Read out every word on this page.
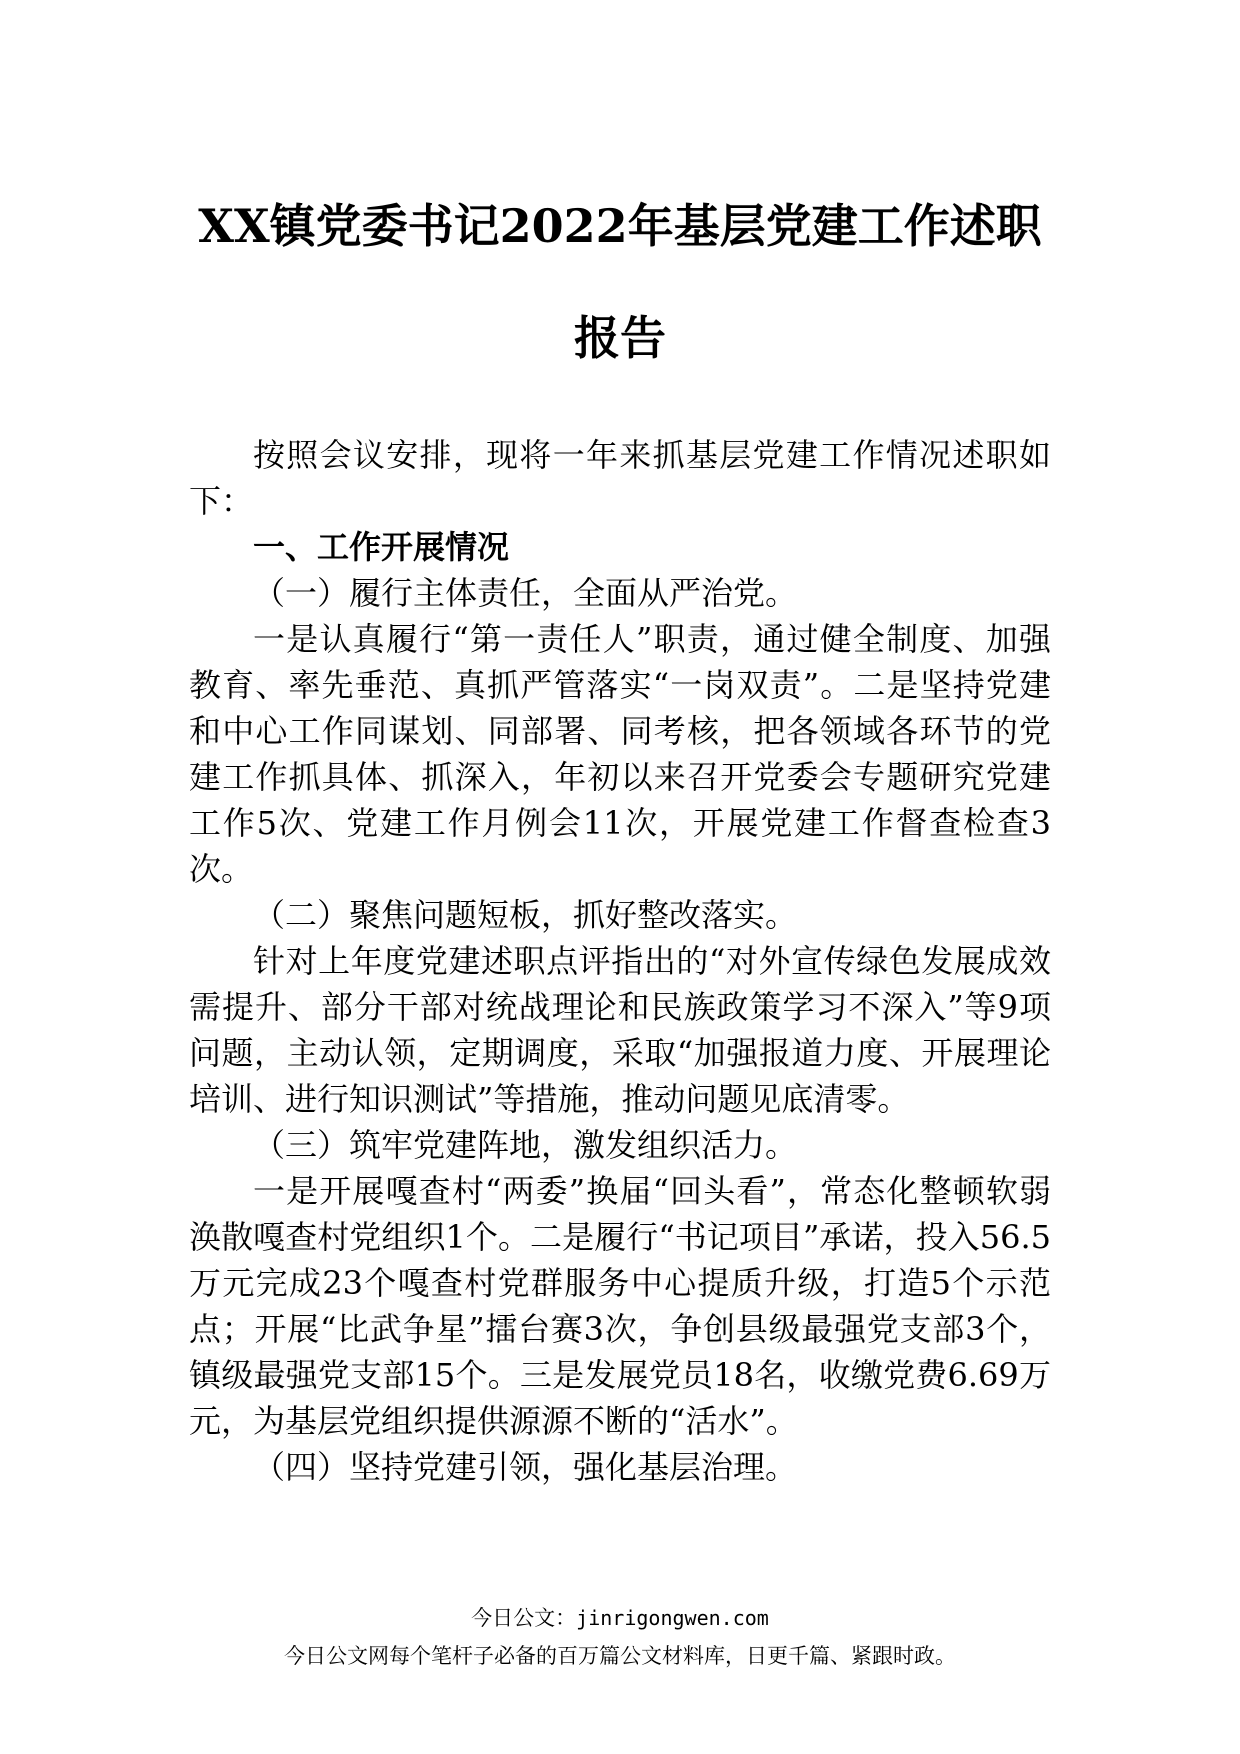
XX镇党委书记2022年基层党建工作述职
报告

按照会议安排，现将一年来抓基层党建工作情况述职如下：

一、工作开展情况

（一）履行主体责任，全面从严治党。

一是认真履行“第一责任人”职责，通过健全制度、加强教育、率先垂范、真抓严管落实“一岗双责”。二是坚持党建和中心工作同谋划、同部署、同考核，把各领域各环节的党建工作抓具体、抓深入，年初以来召开党委会专题研究党建工作5次、党建工作月例会11次，开展党建工作督查检查3次。

（二）聚焦问题短板，抓好整改落实。

针对上年度党建述职点评指出的“对外宣传绿色发展成效需提升、部分干部对统战理论和民族政策学习不深入”等9项问题，主动认领，定期调度，采取“加强报道力度、开展理论培训、进行知识测试”等措施，推动问题见底清零。

（三）筑牢党建阵地，激发组织活力。

一是开展嘎查村“两委”换届“回头看”，常态化整顿软弱涣散嘎查村党组织1个。二是履行“书记项目”承诺，投入56.5万元完成23个嘎查村党群服务中心提质升级，打造5个示范点；开展“比武争星”擂台赛3次，争创县级最强党支部3个，镇级最强党支部15个。三是发展党员18名，收缴党费6.69万元，为基层党组织提供源源不断的“活水”。

（四）坚持党建引领，强化基层治理。

今日公文：jinrigongwen.com
今日公文网每个笔杆子必备的百万篇公文材料库，日更千篇、紧跟时政。
